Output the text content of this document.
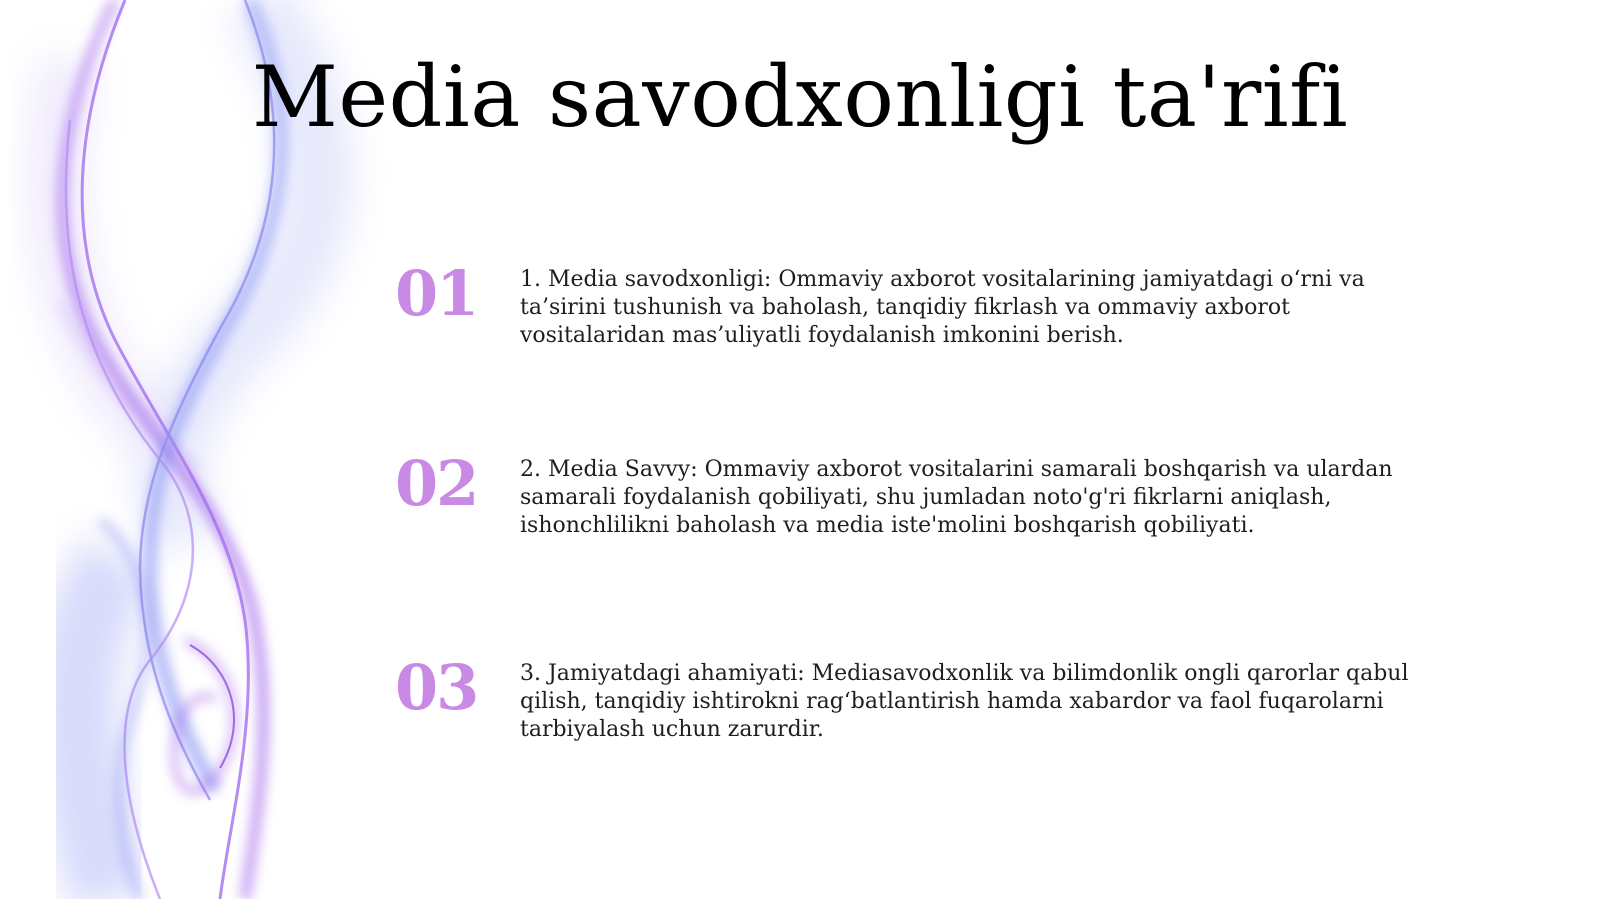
Media savodxonligi ta'rifi
01 1. Media savodxonligi: Ommaviy axborot vositalarining jamiyatdagi o‘rni va ta’sirini tushunish va baholash, tanqidiy fikrlash va ommaviy axborot vositalaridan mas’uliyatli foydalanish imkonini berish.
02 2. Media Savvy: Ommaviy axborot vositalarini samarali boshqarish va ulardan samarali foydalanish qobiliyati, shu jumladan noto'g'ri fikrlarni aniqlash, ishonchlilikni baholash va media iste'molini boshqarish qobiliyati.
03 3. Jamiyatdagi ahamiyati: Mediasavodxonlik va bilimdonlik ongli qarorlar qabul qilish, tanqidiy ishtirokni rag‘batlantirish hamda xabardor va faol fuqarolarni tarbiyalash uchun zarurdir.
